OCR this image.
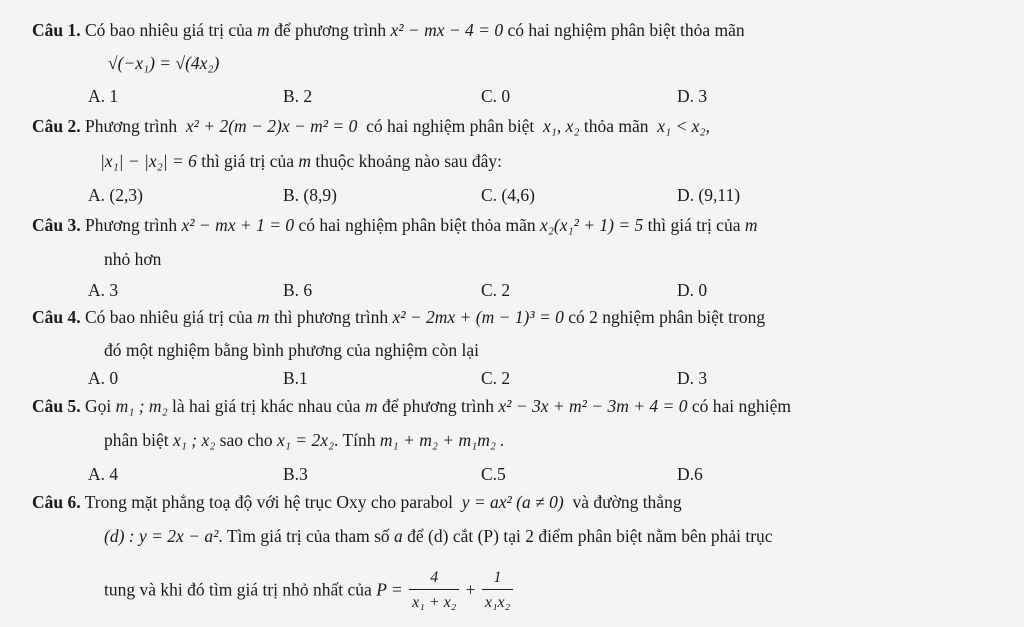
Câu 1. Có bao nhiêu giá trị của m để phương trình x² − mx − 4 = 0 có hai nghiệm phân biệt thỏa mãn
√(−x₁) = √(4x₂)
A. 1	B. 2	C. 0	D. 3
Câu 2. Phương trình x² + 2(m − 2)x − m² = 0 có hai nghiệm phân biệt x₁, x₂ thỏa mãn x₁ < x₂,
|x₁| − |x₂| = 6 thì giá trị của m thuộc khoảng nào sau đây:
A. (2,3)	B. (8,9)	C. (4,6)	D. (9,11)
Câu 3. Phương trình x² − mx + 1 = 0 có hai nghiệm phân biệt thỏa mãn x₂(x₁² + 1) = 5 thì giá trị của m
nhỏ hơn
A. 3	B. 6	C. 2	D. 0
Câu 4. Có bao nhiêu giá trị của m thì phương trình x² − 2mx + (m − 1)³ = 0 có 2 nghiệm phân biệt trong
đó một nghiệm bằng bình phương của nghiệm còn lại
A. 0	B.1	C. 2	D. 3
Câu 5. Gọi m₁ ; m₂ là hai giá trị khác nhau của m để phương trình x² − 3x + m² − 3m + 4 = 0 có hai nghiệm
phân biệt x₁ ; x₂ sao cho x₁ = 2x₂. Tính m₁ + m₂ + m₁m₂ .
A. 4	B.3	C.5	D.6
Câu 6. Trong mặt phẳng toạ độ với hệ trục Oxy cho parabol y = ax² (a ≠ 0) và đường thẳng
(d) : y = 2x − a². Tìm giá trị của tham số a để (d) cắt (P) tại 2 điểm phân biệt nằm bên phải trục
tung và khi đó tìm giá trị nhỏ nhất của $P = \frac{4}{\text{x₁ + x₂}} + \frac{1}{\text{x₁x₂}}$
